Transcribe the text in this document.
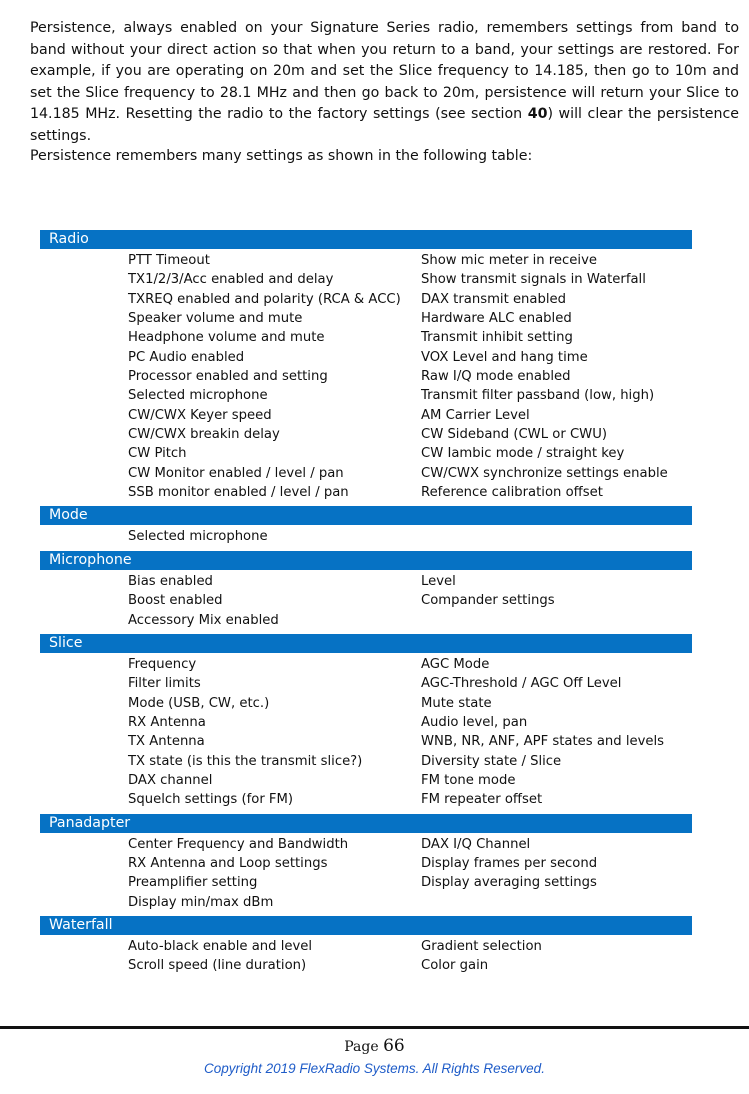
Persistence, always enabled on your Signature Series radio, remembers settings from band to band without your direct action so that when you return to a band, your settings are restored. For example, if you are operating on 20m and set the Slice frequency to 14.185, then go to 10m and set the Slice frequency to 28.1 MHz and then go back to 20m, persistence will return your Slice to 14.185 MHz. Resetting the radio to the factory settings (see section 40) will clear the persistence settings.

Persistence remembers many settings as shown in the following table:

Radio
PTT Timeout	Show mic meter in receive
TX1/2/3/Acc enabled and delay	Show transmit signals in Waterfall
TXREQ enabled and polarity (RCA & ACC)	DAX transmit enabled
Speaker volume and mute	Hardware ALC enabled
Headphone volume and mute	Transmit inhibit setting
PC Audio enabled	VOX Level and hang time
Processor enabled and setting	Raw I/Q mode enabled
Selected microphone	Transmit filter passband (low, high)
CW/CWX Keyer speed	AM Carrier Level
CW/CWX breakin delay	CW Sideband (CWL or CWU)
CW Pitch	CW Iambic mode / straight key
CW Monitor enabled / level / pan	CW/CWX synchronize settings enable
SSB monitor enabled / level / pan	Reference calibration offset
Mode
Selected microphone
Microphone
Bias enabled	Level
Boost enabled	Compander settings
Accessory Mix enabled
Slice
Frequency	AGC Mode
Filter limits	AGC-Threshold / AGC Off Level
Mode (USB, CW, etc.)	Mute state
RX Antenna	Audio level, pan
TX Antenna	WNB, NR, ANF, APF states and levels
TX state (is this the transmit slice?)	Diversity state / Slice
DAX channel	FM tone mode
Squelch settings (for FM)	FM repeater offset
Panadapter
Center Frequency and Bandwidth	DAX I/Q Channel
RX Antenna and Loop settings	Display frames per second
Preamplifier setting	Display averaging settings
Display min/max dBm
Waterfall
Auto-black enable and level	Gradient selection
Scroll speed (line duration)	Color gain
Page 66
Copyright 2019 FlexRadio Systems. All Rights Reserved.
